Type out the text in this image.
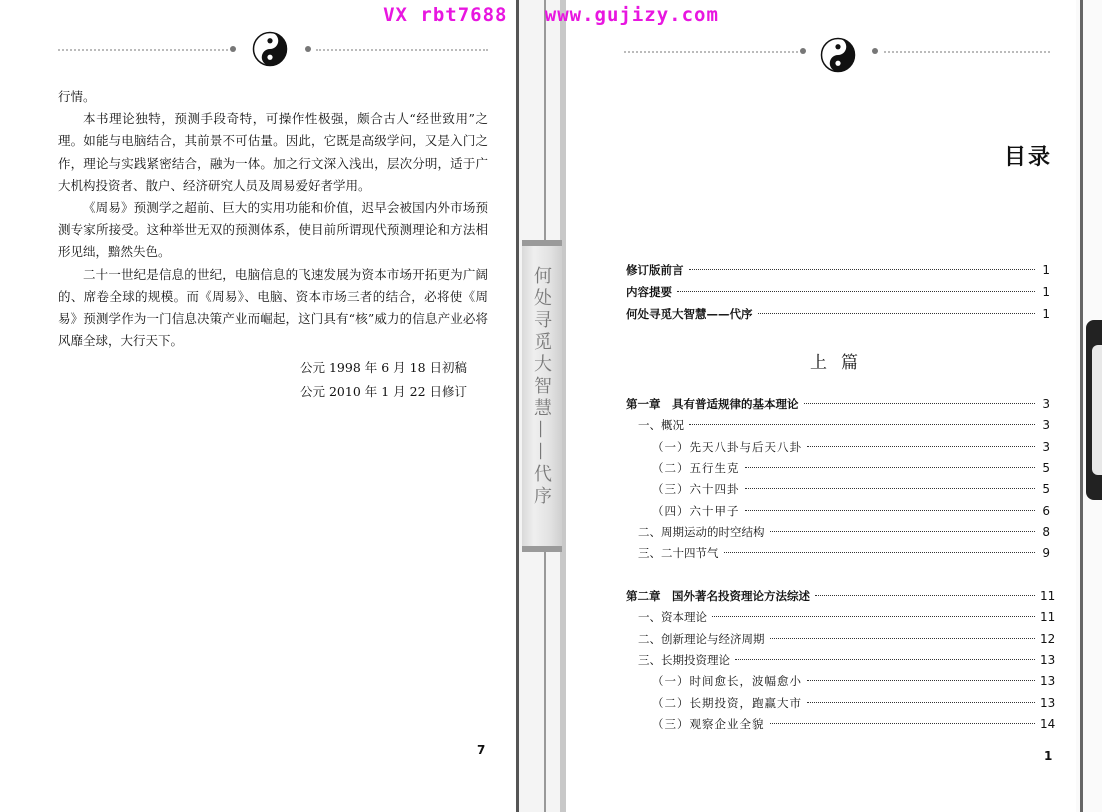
VX rbt7688   www.gujizy.com

行情。

本书理论独特，预测手段奇特，可操作性极强，颇合古人“经世致用”之理。如能与电脑结合，其前景不可估量。因此，它既是高级学问，又是入门之作，理论与实践紧密结合，融为一体。加之行文深入浅出，层次分明，适于广大机构投资者、散户、经济研究人员及周易爱好者学用。

《周易》预测学之超前、巨大的实用功能和价值，迟早会被国内外市场预测专家所接受。这种举世无双的预测体系，使目前所谓现代预测理论和方法相形见绌，黯然失色。

二十一世纪是信息的世纪，电脑信息的飞速发展为资本市场开拓更为广阔的、席卷全球的规模。而《周易》、电脑、资本市场三者的结合，必将使《周易》预测学作为一门信息决策产业而崛起，这门具有“核”威力的信息产业必将风靡全球，大行天下。

公元 1998 年 6 月 18 日初稿
公元 2010 年 1 月 22 日修订
7
何处寻觅大智慧——代序
目录
修订版前言	1
内容提要	1
何处寻觅大智慧——代序	1
第一章　具有普适规律的基本理论	3
一、概况	3
（一）先天八卦与后天八卦	3
（二）五行生克	5
（三）六十四卦	5
（四）六十甲子	6
二、周期运动的时空结构	8
三、二十四节气	9
第二章　国外著名投资理论方法综述	11
一、资本理论	11
二、创新理论与经济周期	12
三、长期投资理论	13
（一）时间愈长，波幅愈小	13
（二）长期投资，跑赢大市	13
（三）观察企业全貌	14
上篇
1
